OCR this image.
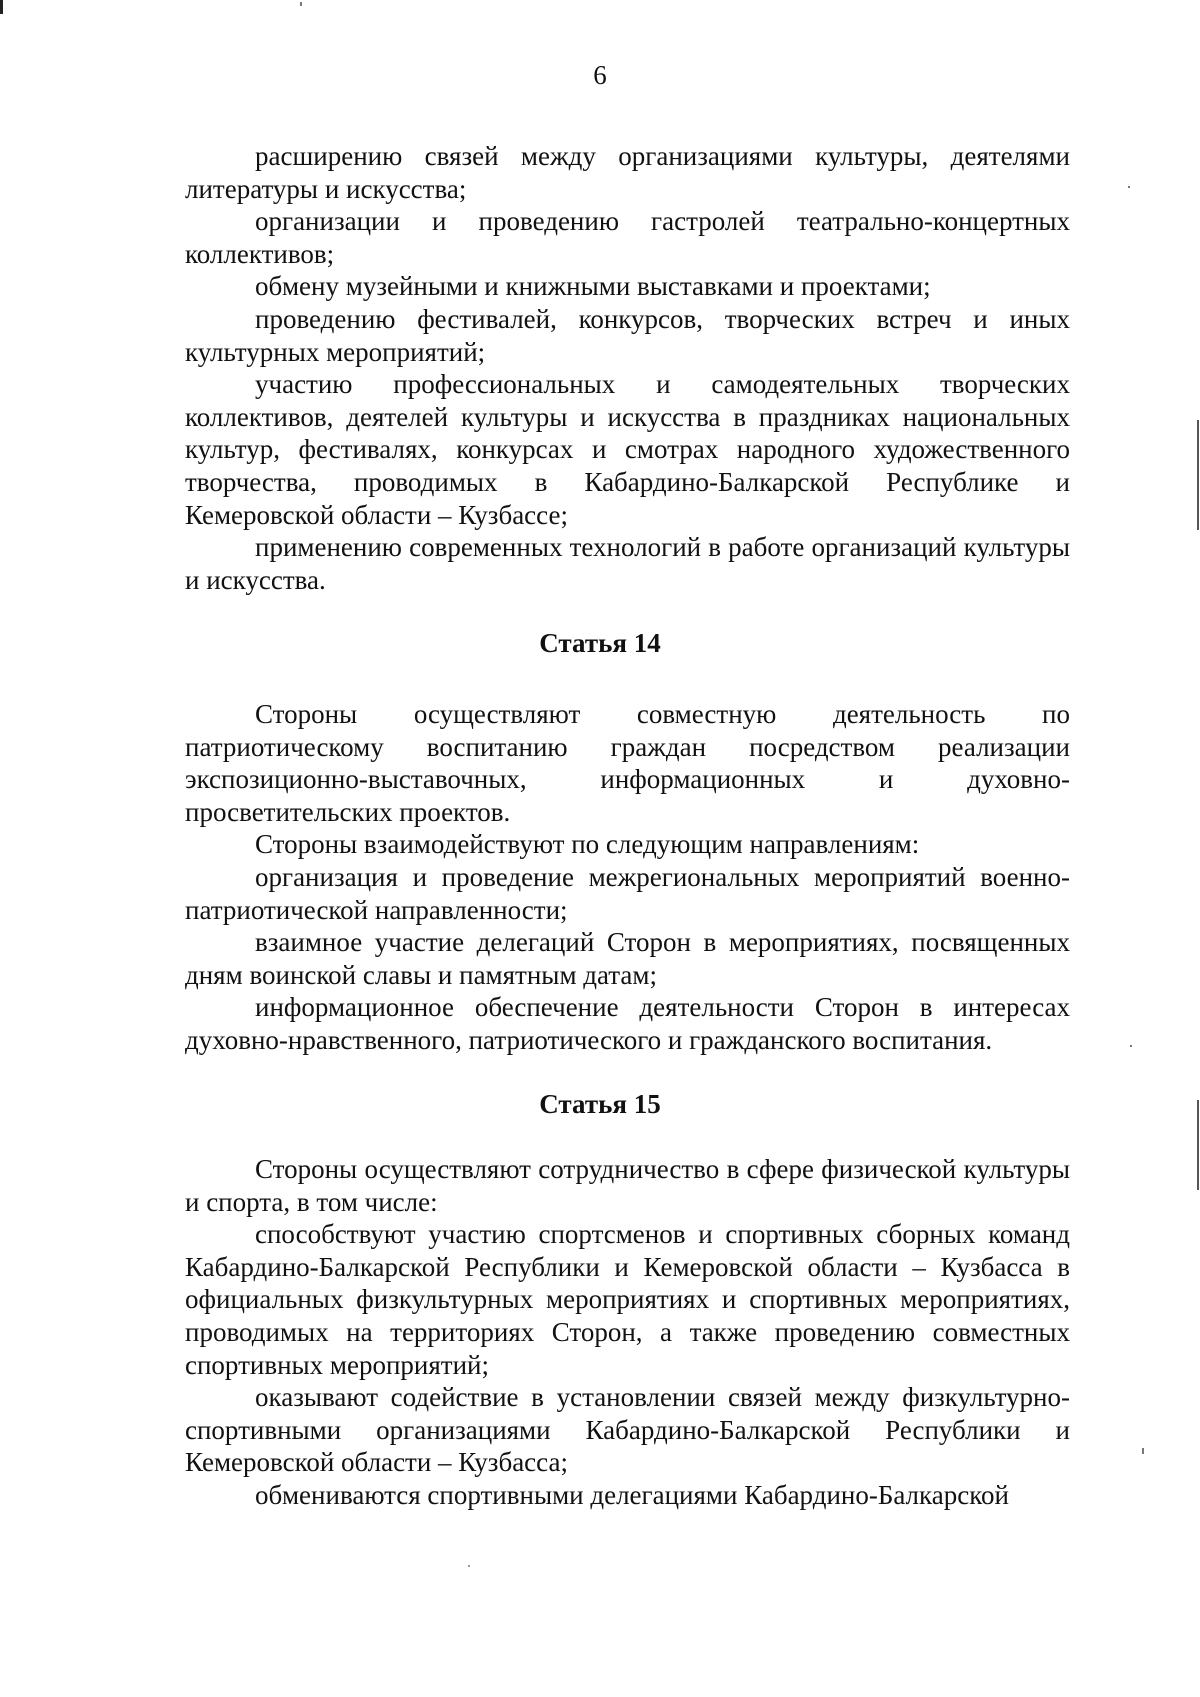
6

расширению связей между организациями культуры, деятелями литературы и искусства;

организации и проведению гастролей театрально-концертных коллективов;

обмену музейными и книжными выставками и проектами;

проведению фестивалей, конкурсов, творческих встреч и иных культурных мероприятий;

участию профессиональных и самодеятельных творческих коллективов, деятелей культуры и искусства в праздниках национальных культур, фестивалях, конкурсах и смотрах народного художественного творчества, проводимых в Кабардино-Балкарской Республике и Кемеровской области – Кузбассе;

применению современных технологий в работе организаций культуры и искусства.

Статья 14

Стороны осуществляют совместную деятельность по патриотическому воспитанию граждан посредством реализации экспозиционно-выставочных, информационных и духовно-просветительских проектов.

Стороны взаимодействуют по следующим направлениям:

организация и проведение межрегиональных мероприятий военно-патриотической направленности;

взаимное участие делегаций Сторон в мероприятиях, посвященных дням воинской славы и памятным датам;

информационное обеспечение деятельности Сторон в интересах духовно-нравственного, патриотического и гражданского воспитания.

Статья 15

Стороны осуществляют сотрудничество в сфере физической культуры и спорта, в том числе:

способствуют участию спортсменов и спортивных сборных команд Кабардино-Балкарской Республики и Кемеровской области – Кузбасса в официальных физкультурных мероприятиях и спортивных мероприятиях, проводимых на территориях Сторон, а также проведению совместных спортивных мероприятий;

оказывают содействие в установлении связей между физкультурно-спортивными организациями Кабардино-Балкарской Республики и Кемеровской области – Кузбасса;

обмениваются спортивными делегациями Кабардино-Балкарской
